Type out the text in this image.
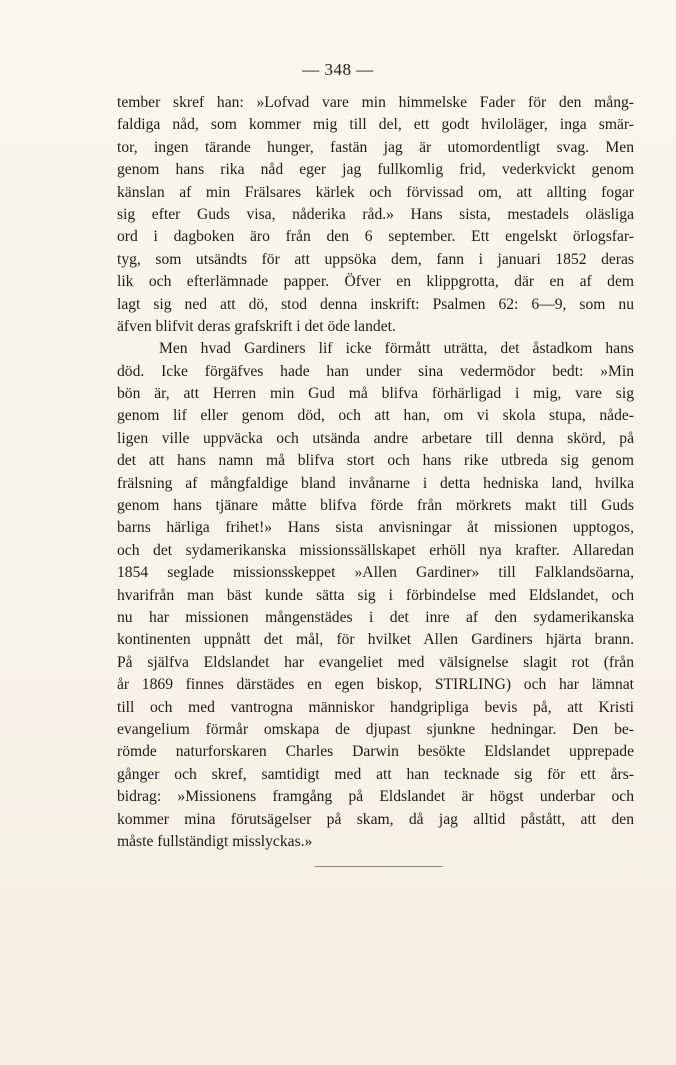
— 348 —
tember skref han: »Lofvad vare min himmelske Fader för den mång-
faldiga nåd, som kommer mig till del, ett godt hviloläger, inga smär-
tor, ingen tärande hunger, fastän jag är utomordentligt svag. Men
genom hans rika nåd eger jag fullkomlig frid, vederkvickt genom
känslan af min Frälsares kärlek och förvissad om, att allting fogar
sig efter Guds visa, nåderika råd.» Hans sista, mestadels oläsliga
ord i dagboken äro från den 6 september. Ett engelskt örlogsfar-
tyg, som utsändts för att uppsöka dem, fann i januari 1852 deras
lik och efterlämnade papper. Öfver en klippgrotta, där en af dem
lagt sig ned att dö, stod denna inskrift: Psalmen 62: 6—9, som nu
äfven blifvit deras grafskrift i det öde landet.
Men hvad Gardiners lif icke förmått uträtta, det åstadkom hans
död. Icke förgäfves hade han under sina vedermödor bedt: »Min
bön är, att Herren min Gud må blifva förhärligad i mig, vare sig
genom lif eller genom död, och att han, om vi skola stupa, nåde-
ligen ville uppväcka och utsända andre arbetare till denna skörd, på
det att hans namn må blifva stort och hans rike utbreda sig genom
frälsning af mångfaldige bland invånarne i detta hedniska land, hvilka
genom hans tjänare måtte blifva förde från mörkrets makt till Guds
barns härliga frihet!» Hans sista anvisningar åt missionen upptogos,
och det sydamerikanska missionssällskapet erhöll nya krafter. Allaredan
1854 seglade missionsskeppet »Allen Gardiner» till Falklandsöarna,
hvarifrån man bäst kunde sätta sig i förbindelse med Eldslandet, och
nu har missionen mångenstädes i det inre af den sydamerikanska
kontinenten uppnått det mål, för hvilket Allen Gardiners hjärta brann.
På själfva Eldslandet har evangeliet med välsignelse slagit rot (från
år 1869 finnes därstädes en egen biskop, STIRLING) och har lämnat
till och med vantrogna människor handgripliga bevis på, att Kristi
evangelium förmår omskapa de djupast sjunkne hedningar. Den be-
römde naturforskaren Charles Darwin besökte Eldslandet upprepade
gånger och skref, samtidigt med att han tecknade sig för ett års-
bidrag: »Missionens framgång på Eldslandet är högst underbar och
kommer mina förutsägelser på skam, då jag alltid påstått, att den
måste fullständigt misslyckas.»
